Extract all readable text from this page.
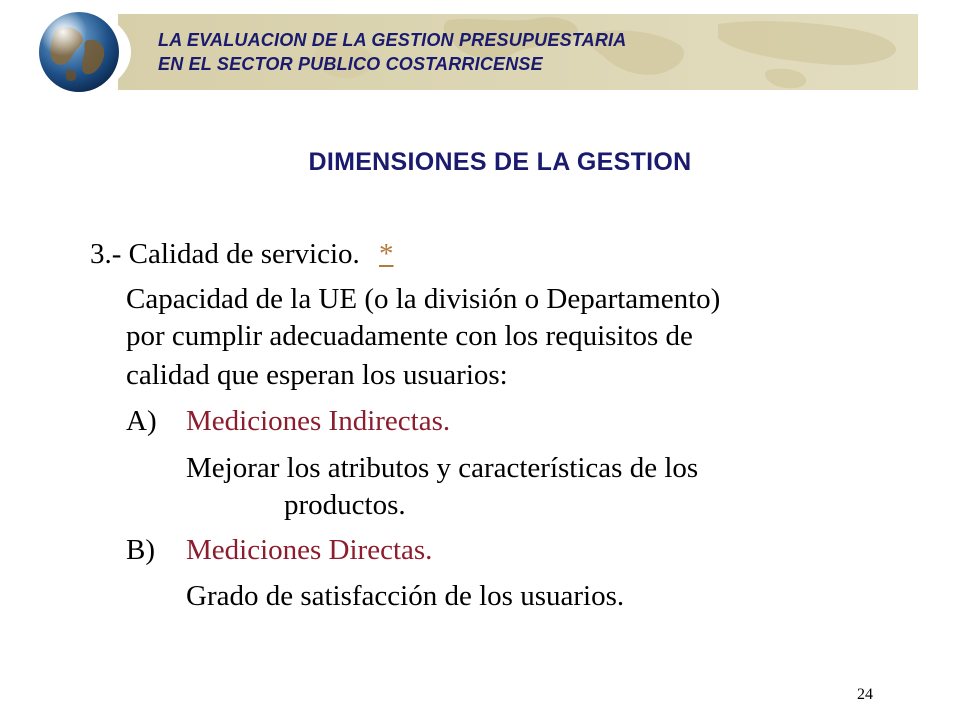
LA EVALUACION DE LA GESTION PRESUPUESTARIA
EN EL SECTOR PUBLICO COSTARRICENSE
DIMENSIONES DE LA GESTION
3.- Calidad de servicio. *
Capacidad de la UE (o la división o Departamento)
por cumplir adecuadamente con los requisitos de
calidad que esperan los usuarios:
A) Mediciones Indirectas.
Mejorar los atributos y características de los
productos.
B) Mediciones Directas.
Grado de satisfacción de los usuarios.
24
